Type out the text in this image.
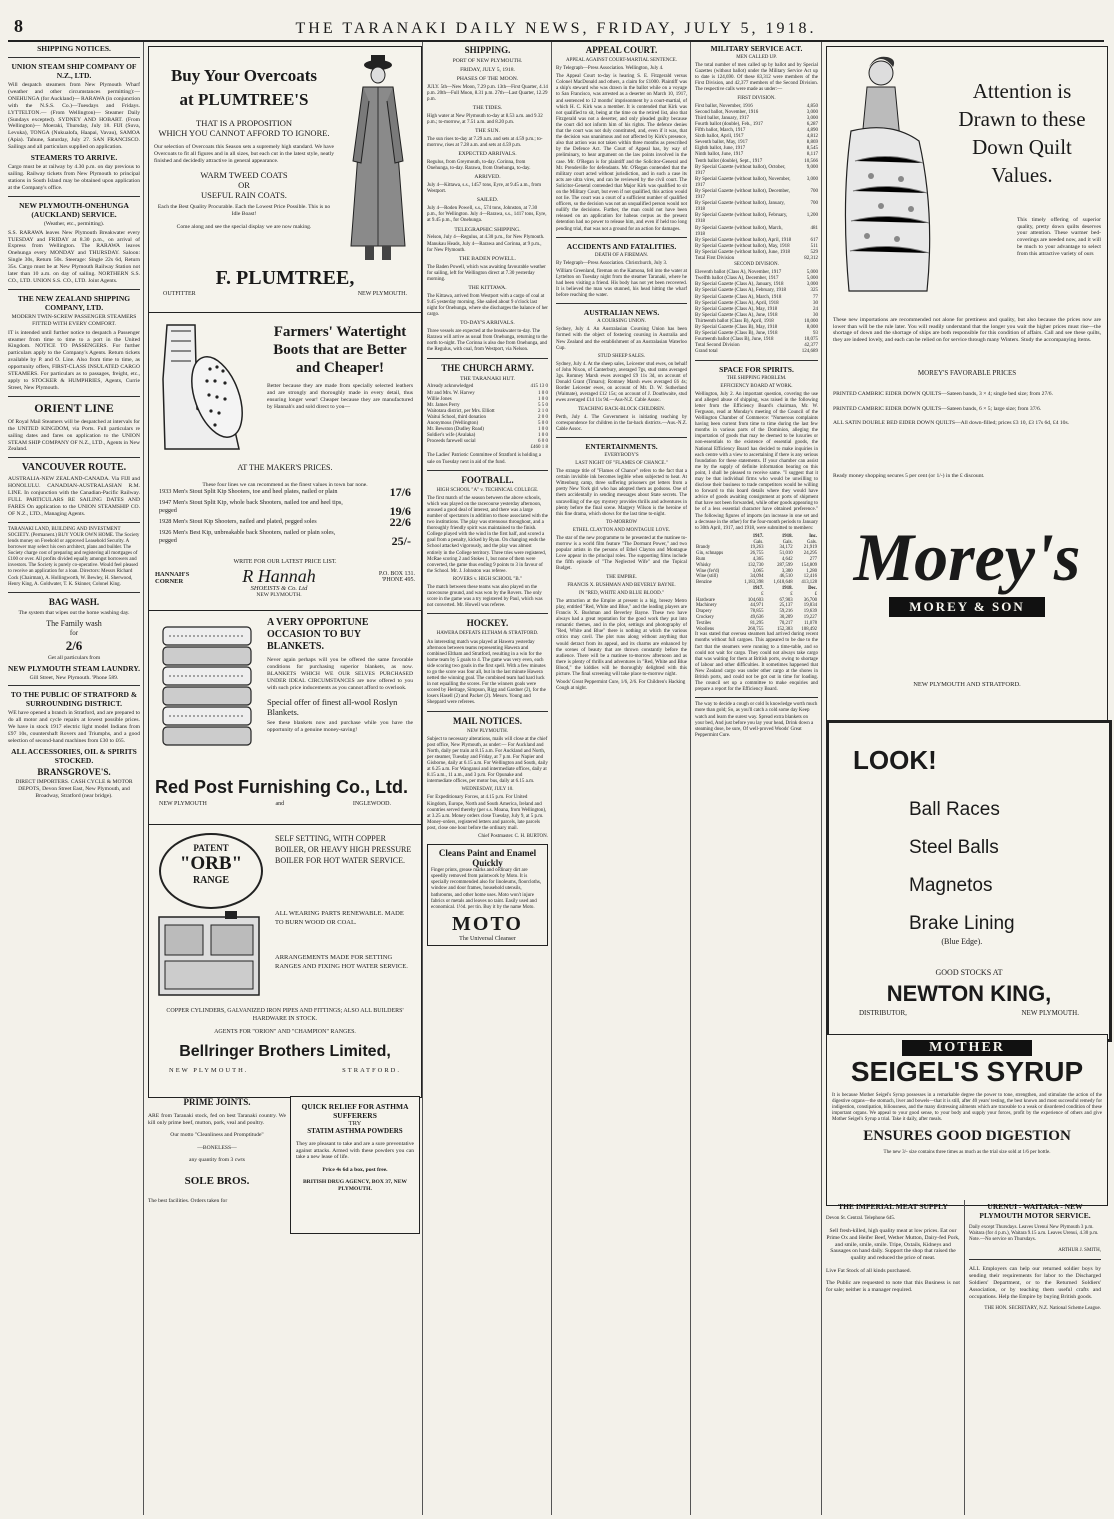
8	THE TARANAKI DAILY NEWS, FRIDAY, JULY 5, 1918.
SHIPPING NOTICES.
UNION STEAM SHIP COMPANY OF N.Z., LTD.

Will despatch steamers from New Plymouth Wharf (weather and other circumstances permitting):— ONEHUNGA (for Auckland)— RARAWA (in conjunction with the N.S.S. Co.)—Tuesdays and Fridays. LYTTELTON.— (From Wellington)— Steamer Daily (Sundays excepted). SYDNEY AND HOBART. (From Wellington)— Moeraki, Thursday, July 18. FIJI (Suva, Levuka), TONGA (Nukualofa, Haapai, Vavau), SAMOA (Apia). Tahune, Saturday, July 27. SAN FRANCISCO. Sailings and all particulars supplied on application.

STEAMERS TO ARRIVE.

Cargo must be at railway by 4.30 p.m. on day previous to sailing. Railway tickets from New Plymouth to principal stations in South Island may be obtained upon application at the Company's office.

NEW PLYMOUTH-ONEHUNGA (AUCKLAND) SERVICE.

(Weather, etc., permitting).

S.S. RARAWA leaves New Plymouth Breakwater every TUESDAY and FRIDAY at 8.30 p.m., on arrival of Express from Wellington. The RARAWA leaves Onehunga every MONDAY and THURSDAY. Saloon: Single 30s, Return 50s. Steerage: Single 22s 6d, Return 35s. Cargo must be at New Plymouth Railway Station not later than 10 a.m. on day of sailing. NORTHERN S.S. CO., LTD. UNION S.S. CO., LTD. Joint Agents.

THE NEW ZEALAND SHIPPING COMPANY, LTD.

MODERN TWIN-SCREW PASSENGER STEAMERS FITTED WITH EVERY COMFORT.

IT is intended until further notice to despatch a Passenger steamer from time to time to a port in the United Kingdom. NOTICE TO PASSENGERS. For further particulars apply to the Company's Agents. Return tickets available by P. and O. Line. Also from time to time, as opportunity offers, FIRST-CLASS INSULATED CARGO STEAMERS. For particulars as to passages, freight, etc., apply to STOCKER & HUMPHRIES, Agents, Currie Street, New Plymouth.

ORIENT LINE

Of Royal Mail Steamers will be despatched at intervals for the UNITED KINGDOM, via Ports. Full particulars re sailing dates and fares on application to the UNION STEAM SHIP COMPANY OF N.Z., LTD., Agents in New Zealand.

VANCOUVER ROUTE.

AUSTRALIA-NEW ZEALAND-CANADA. Via FIJI and HONOLULU. CANADIAN-AUSTRALASIAN R.M. LINE. In conjunction with the Canadian-Pacific Railway. FULL PARTICULARS RE SAILING DATES AND FARES On application to the UNION STEAMSHIP CO. OF N.Z., LTD., Managing Agents.

TARANAKI LAND, BUILDING AND INVESTMENT SOCIETY. (Permanent.) BUY YOUR OWN HOME. The Society lends money on Freehold or approved Leasehold Security. A borrower may select his own architect, plans and builder. The Society charge cost of preparing and registering all mortgages of £100 or over. All profits divided equally amongst borrowers and investors. The Society is purely co-operative. Would feel pleased to receive an application for a loan. Directors: Messrs Richard Cock (Chairman), A. Hollingworth, W. Bewley, H. Sherwood, Henry King, A. Goldwater, T. K. Skinner, Colonel King.

BAG WASH.

The system that wipes out the home washing day.

The Family wash

for

2/6

Get all particulars from

NEW PLYMOUTH STEAM LAUNDRY.

Gill Street, New Plymouth. 'Phone 589.

TO THE PUBLIC OF STRATFORD & SURROUNDING DISTRICT.

WE have opened a branch in Stratford, and are prepared to do all motor and cycle repairs at lowest possible prices. We have in stock 1917 electric light model Indians from £97 10s, countershaft Rovers and Triumphs, and a good selection of second-hand machines from £30 to £65.

ALL ACCESSORIES, OIL & SPIRITS STOCKED.

BRANSGROVE'S.

DIRECT IMPORTERS. CASH CYCLE & MOTOR DEPOTS, Devon Street East, New Plymouth, and Broadway, Stratford (near bridge).

Buy Your Overcoats
at PLUMTREE'S
THAT IS A PROPOSITION
WHICH YOU CANNOT AFFORD TO IGNORE.

Our selection of Overcoats this Season sets a supremely high standard. We have Overcoats to fit all figures and in all sizes, but each cut in the latest style, neatly finished and decidedly attractive in general appearance.

WARM TWEED COATS
OR
USEFUL RAIN COATS.

Each the Best Quality Procurable. Each the Lowest Price Possible. This is no Idle Boast!

Come along and see the special display we are now making.

F. PLUMTREE,
OUTFITTER	NEW PLYMOUTH.
Farmers' Watertight Boots that are Better and Cheaper!

Better because they are made from specially selected leathers and are strongly and thoroughly made in every detail, thus ensuring longer wear! Cheaper because they are manufactured by Hannah's and sold direct to you—

AT THE MAKER'S PRICES.

These four lines we can recommend as the finest values in town bar none.

1933 Men's Stout Split Kip Shooters, toe and heel plates, nailed or plain	17/6
1947 Men's Stout Split Kip, whole back Shooters, nailed toe and heel tips, pegged	19/6
1928 Men's Stout Kip Shooters, nailed and plated, pegged soles	22/6
1926 Men's Best Kip, unbreakable back Shooters, nailed or plain soles, pegged	25/-
WRITE FOR OUR LATEST PRICE LIST.
HANNAH'S CORNER	R Hannah
SHOEISTS & Co. Ltd
NEW PLYMOUTH.
P.O. BOX 131.
'PHONE 495.
A VERY OPPORTUNE OCCASION TO BUY BLANKETS.

Never again perhaps will you be offered the same favorable conditions for purchasing superior blankets, as now. BLANKETS WHICH WE OUR SELVES PURCHASED UNDER IDEAL CIRCUMSTANCES are now offered to you with such price inducements as you cannot afford to overlook.

Special offer of finest all-wool Roslyn Blankets.

See these blankets now and purchase while you have the opportunity of a genuine money-saving!

Red Post Furnishing Co., Ltd.
NEW PLYMOUTH	and	INGLEWOOD.
PATENT
"ORB"
RANGE
SELF SETTING, WITH COPPER BOILER, OR HEAVY HIGH PRESSURE BOILER FOR HOT WATER SERVICE.
ALL WEARING PARTS RENEWABLE. MADE TO BURN WOOD OR COAL.
ARRANGEMENTS MADE FOR SETTING RANGES AND FIXING HOT WATER SERVICE.
COPPER CYLINDERS, GALVANIZED IRON PIPES AND FITTINGS; ALSO ALL BUILDERS' HARDWARE IN STOCK.
AGENTS FOR "ORION" AND "CHAMPION" RANGES.
Bellringer Brothers Limited,
NEW PLYMOUTH.	STRATFORD.
PRIME JOINTS.

ARE from Taranaki stock, fed on best Taranaki country. We kill only prime beef, mutton, pork, veal and poultry.

Our motto "Cleanliness and Promptitude"

—BONELESS—

any quantity from 3 cwts

SOLE BROS.

The best facilities. Orders taken for

QUICK RELIEF FOR ASTHMA SUFFERERS
TRY
STATIM ASTHMA POWDERS

They are pleasant to take and are a sure preventative against attacks. Armed with these powders you can take a new lease of life.

Price 4s 6d a box, post free.

BRITISH DRUG AGENCY, BOX 37, NEW PLYMOUTH.

SHIPPING.

PORT OF NEW PLYMOUTH.

FRIDAY, JULY 5, 1918.

PHASES OF THE MOON.

JULY. 5th—New Moon, 7.29 p.m. 13th—First Quarter, 4.14 p.m. 20th—Full Moon, 8.31 p.m. 27th—Last Quarter, 12.29 p.m.

THE TIDES.

High water at New Plymouth to-day at 8.53 a.m. and 9.32 p.m.; to-morrow, at 7.51 a.m. and 8.20 p.m.

THE SUN.

The sun rises to-day at 7.29 a.m. and sets at 4.59 p.m.; to-morrow, rises at 7.28 a.m. and sets at 4.59 p.m.

EXPECTED ARRIVALS.

Regulus, from Greymouth, to-day. Corinna, from Onehunga, to-day. Rarawa, from Onehunga, to-day.

ARRIVED.

July 4—Kittawa, s.s., 1457 tons, Eyre, at 9.45 a.m., from Westport.

SAILED.

July 4—Roden Powell, s.s., 574 tons, Johnston, at 7.30 p.m., for Wellington. July 4—Rarawa, s.s., 1417 tons, Eyre, at 9.45 p.m., for Onehunga.

TELEGRAPHIC SHIPPING.

Nelson, July 4—Regulus, at 4.30 p.m., for New Plymouth. Manukau Heads, July 4—Rarawa and Corinna, at 9 p.m., for New Plymouth.

THE BADEN POWELL.

The Baden Powell, which was awaiting favourable weather for sailing, left for Wellington direct at 7.30 yesterday morning.

THE KITTAWA.

The Kittawa, arrived from Westport with a cargo of coal at 9.45 yesterday morning. She sailed about 9 o'clock last night for Onehunga, where she discharges the balance of her cargo.

TO-DAY'S ARRIVALS.

Three vessels are expected at the breakwater to-day. The Rarawa will arrive as usual from Onehunga, returning to the north to-night. The Corinna is also due from Onehunga, and the Regulus, with coal, from Westport, via Nelson.

THE CHURCH ARMY.

THE TARANAKI HUT.

Already acknowledged	415 13 0
Mr and Mrs. W. Harvey	1 0 0
Willie Jones	1 0 0
Mr. James Perry	5 5 0
Waitotara district, per Mrs. Elliott	2 1 0
Waitui School, third donation	2 0 0
Anonymous (Wellington)	5 0 0
Mr. Bewston (Dudley Road)	1 0 0
Soldier's wife (Avalaka)	1 0 0
Proceeds farewell social	6 0 0

£460 1 8

The Ladies' Patriotic Committee of Stratford is holding a sale on Tuesday next in aid of the fund.

FOOTBALL.

HIGH SCHOOL "A" v. TECHNICAL COLLEGE.

The first match of the season between the above schools, which was played on the racecourse yesterday afternoon, aroused a good deal of interest, and there was a large number of spectators in addition to those associated with the two institutions. The play was strenuous throughout, and a thoroughly friendly spirit was maintained to the finish. College played with the wind in the first half, and scored a goal from a penalty, kicked by Ryan. On changing ends the School attacked vigorously, and the play was almost entirely in the College territory. Three tries were registered, McRae scoring 2 and Stokes 1, but none of them were converted, the game thus ending 9 points to 3 in favour of the School. Mr. J. Johnston was referee.

ROVERS v. HIGH SCHOOL "B."

The match between these teams was also played on the racecourse ground, and was won by the Rovers. The only score in the game was a try registered by Paul, which was not converted. Mr. Howell was referee.

HOCKEY.

HAWERA DEFEATS ELTHAM & STRATFORD.

An interesting match was played at Hawera yesterday afternoon between teams representing Hawera and combined Eltham and Stratford, resulting in a win for the home team by 5 goals to 4. The game was very even, each side scoring two goals in the first spell. With a few minutes to go the score was four all, but in the last minute Hawera netted the winning goal. The combined team had hard luck in not equalling the scores. For the winners goals were scored by Heritage, Simpson, Rigg and Gardner (2), for the losers Hasell (2) and Packer (2). Messrs. Young and Sheppard were referees.

MAIL NOTICES.

NEW PLYMOUTH.

Subject to necessary alterations, mails will close at the chief post office, New Plymouth, as under:— For Auckland and North, daily per train at 8.15 a.m. For Auckland and North, per steamer, Tuesday and Friday, at 7 p.m. For Napier and Gisborne, daily at 6.15 a.m. For Wellington and South, daily at 6.25 a.m. For Wanganui and intermediate offices, daily at 8.15 a.m., 11 a.m., and 3 p.m. For Opunake and intermediate offices, per motor bus, daily at 6.15 a.m.

WEDNESDAY, JULY 10.

For Expeditionary Forces, at 4.15 p.m. For United Kingdom, Europe, North and South America, Ireland and countries served thereby (per s.s. Moana, from Wellington), at 3.25 a.m. Money orders close Tuesday, July 9, at 5 p.m. Money-orders, registered letters and parcels, late parcels post, close one hour before the ordinary mail.

Chief Postmaster. C. H. BURTON.

Cleans Paint and Enamel Quickly

Finger prints, grease marks and ordinary dirt are speedily removed from paintwork by Moto. It is specially recommended also for linoleums, floorcloths, window and door frames, household utensils, bathrooms, and other home uses. Moto won't injure fabrics or metals and leaves no taint. Easily used and economical. 1½d. per tin. Buy it by the name Moto.

MOTO
The Universal Cleanser
APPEAL COURT.

APPEAL AGAINST COURT-MARTIAL SENTENCE.

By Telegraph—Press Association. Wellington, July 4.

The Appeal Court to-day is hearing S. E. Fitzgerald versus Colonel MacDonald and others, a claim for £1000. Plaintiff was a ship's steward who was drawn in the ballot while on a voyage to San Francisco, was arrested as a deserter on March 10, 1917, and sentenced to 12 months' imprisonment by a court-martial, of which H. C. Kirk was a member. It is contended that Kirk was not qualified to sit, being at the time on the retired list, also that Fitzgerald was not a deserter, and only pleaded guilty because the court did not inform him of his rights. The defence denies that the court was not duly constituted, and, even if it was, that the decision was unanimous and not affected by Kirk's presence, also that action was not taken within three months as prescribed by the Defence Act. The Court of Appeal has, by way of preliminary, to hear argument on the law points involved in the case. Mr. O'Regan is for plaintiff and the Solicitor-General and Mr. Prendeville for defendants. Mr. O'Regan contended that the military court acted without jurisdiction, and in such a case its acts are ultra vires, and can be reviewed by the civil court. The Solicitor-General contended that Major Kirk was qualified to sit on the Military Court, but even if not qualified, this action would not lie. The court was a court of a sufficient number of qualified officers, so the decision was not an unqualified person would not nullify the decisions. Further, the man could not have been released on an application for habeas corpus as the present detention had no power to release him, and even if held too long pending trial, that was not a ground for an action for damages.

ACCIDENTS AND FATALITIES.

DEATH OF A FIREMAN.

By Telegraph—Press Association. Christchurch, July 3.

William Greenland, fireman on the Kamona, fell into the water at Lyttelton on Tuesday night from the steamer Taranaki, where he had been visiting a friend. His body has not yet been recovered. It is believed the man was stunned, his head hitting the wharf before reaching the water.

AUSTRALIAN NEWS.

A COURSING UNION.

Sydney, July 4. An Australasian Coursing Union has been formed with the object of fostering coursing in Australia and New Zealand and the establishment of an Australasian Waterloo Cup.

STUD SHEEP SALES.

Sydney, July 4. At the sheep sales, Leicester stud ewes, on behalf of John Nixon, of Canterbury, averaged 7gs, stud rams averaged 3gs. Romney Marsh ewes averaged £9 11s 3d, on account of Donald Grant (Timaru); Romney Marsh ewes averaged £6 4s; Border Leicester ewes, on account of Mr. D. W. Sutherland (Waimate), averaged £12 15s; on account of J. Douthwaite, stud ewes averaged £14 11s 9d.—Aus-N.Z. Cable Assoc.

TEACHING BACK-BLOCK CHILDREN.

Perth, July 4. The Government is initiating teaching by correspondence for children in the far-back districts.—Aus.-N.Z. Cable Assoc.

ENTERTAINMENTS.

EVERYBODY'S

LAST NIGHT OF "FLAMES OF CHANCE."

The strange title of "Flames of Chance" refers to the fact that a certain invisible ink becomes legible when subjected to heat. At Wittenburg camp, three suffering prisoners get letters from a pretty New York girl who has adopted them as godsons. One of them accidentally in sending messages about State secrets. The unravelling of the spy mystery provides thrills and adventures in plenty before the final scene. Margery Wilson is the heroine of this fine drama, which shows for the last time to-night.

TO-MORROW

ETHEL CLAYTON AND MONTAGUE LOVE.

The star of the new programme to be presented at the matinee to-morrow is a world film feature "The Dormant Power," and two popular artists in the persons of Ethel Clayton and Montague Love appear in the principal roles. The supporting films include the fifth episode of "The Neglected Wife" and the Topical Budget.

THE EMPIRE.

FRANCIS X. BUSHMAN AND BEVERLY BAYNE.

IN "RED, WHITE AND BLUE BLOOD."

The attraction at the Empire at present is a big, breezy Metro play, entitled "Red, White and Blue," and the leading players are Francis X. Bushman and Beverley Bayne. These two have always had a great reputation for the good work they put into romantic themes, and in the plot, settings and photography of "Red, White and Blue" there is nothing at which the various critics may cavil. The plot runs along without anything that would detract from its appeal, and its charms are enhanced by the scenes of beauty that are thrown constantly before the audience. There will be a matinee to-morrow afternoon and as there is plenty of thrills and adventures in "Red, White and Blue Blood," the kiddies will be thoroughly delighted with this picture. The final screening will take place to-morrow night.

Woods' Great Peppermint Cure, 1/6, 2/6. For Children's Hacking Cough at night.

MILITARY SERVICE ACT.

MEN CALLED UP.

The total number of men called up by ballot and by Special Gazettes (without ballot) under the Military Service Act up to date is 124,690. Of these 83,312 were members of the First Division, and 42,377 members of the Second Division. The respective calls were made as under:—

FIRST DIVISION.

First ballot, November, 1916	4,850
Second ballot, November, 1916	3,000
Third ballot, January, 1917	3,000
Fourth ballot (double), Feb., 1917	6,287
Fifth ballot, March, 1917	4,890
Sixth ballot, April, 1917	4,812
Seventh ballot, May, 1917	8,869
Eighth ballot, June, 1917	8,545
Ninth ballot, June, 1917	8,117
Tenth ballot (double), Sept., 1917	10,566
By Special Gazette (without ballot), October, 1917
9,000
By Special Gazette (without ballot), November, 1917
3,000
By Special Gazette (without ballot), December, 1917
700
By Special Gazette (without ballot), January, 1918
700
By Special Gazette (without ballot), February, 1918
1,200
By Special Gazette (without ballot), March, 1918
481
By Special Gazette (without ballot), April, 1918	617
By Special Gazette (without ballot), May, 1918	511
By Special Gazette (without ballot), June, 1918	529
Total First Division	82,312

SECOND DIVISION.

Eleventh ballot (Class A), November, 1917	5,000
Twelfth ballot (Class A), December, 1917	5,000
By Special Gazette (Class A), January, 1918	3,000
By Special Gazette (Class A), February, 1918	325
By Special Gazette (Class A), March, 1918	77
By Special Gazette (Class A), April, 1918	30
By Special Gazette (Class A), May, 1918	24
By Special Gazette (Class A), June, 1918	30
Thirteenth ballot (Class B), April, 1918	10,000
By Special Gazette (Class B), May, 1918	8,000
By Special Gazette (Class B), June, 1918	93
Fourteenth ballot (Class B), June, 1918	10,075
Total Second Division	42,377
Grand total	124,689
SPACE FOR SPIRITS.

THE SHIPPING PROBLEM.

EFFICIENCY BOARD AT WORK.

Wellington, July 2. An important question, covering the use and alleged abuse of shipping, was raised in the following letter from the Efficiency Board's chairman, Mr. W. Ferguson, read at Monday's meeting of the Council of the Wellington Chamber of Commerce: "Numerous complaints having been current from time to time during the last few months in various parts of the Dominion, alleging the importation of goods that may be deemed to be luxuries or non-essentials to the existence of essential goods, the National Efficiency Board has decided to make inquiries in each centre with a view to ascertaining if there is any serious foundation for these statements. If your chamber can assist me by the supply of definite information bearing on this point, I shall be pleased to receive same. "I suggest that it may be that individual firms who would be unwilling to disclose their business to trade competitors would be willing to forward to this board details where they would have advice of goods awaiting consignment at ports of shipment that have not been forwarded, while other goods appearing to be of a less essential character have obtained preference." The following figures of imports (an increase in one set and a decrease in the other) for the four-month periods to January to 30th April, 1917, and 1918, were submitted to members:

	1917.	1918.	Inc.
	Gals.	Gals.	Gals.
Brandy	19,263	34,172	21,919
Gin, schnapps	26,755	51,010	24,295
Rum	4,365	4,642	277
Whisky	132,730	287,599	154,809
Wine (fer'd)	3,065	3,300	1,280
Wine (still)	34,094	46,510	12,416
Benzine	1,183,398	1,618,648	413,128
	1917.	1918.	Dec.
	£	£	£
Hardware	104,603	67,903	36,700
Machinery	44,971	25,137	19,834
Drapery	78,855	59,216	19,639
Crockery	49,636	30,209	19,227
Textiles	81,295	70,217	11,078
Woollens	260,755	152,383	108,492

It was stated that oversea steamers had arrived during recent months without full cargoes. This appeared to be due to the fact that the steamers were running to a time-table, and so could not wait for cargo. They could not always take cargo that was waiting for them at British ports, owing to shortage of labour and other difficulties. It sometimes happened that New Zealand cargo was under other cargo at the shores in British ports, and could not be got out in time for loading. The council set up a committee to make enquiries and prepare a report for the Efficiency Board.

The way to decide a cough or cold Is knowledge worth much more than gold; So, as you'll catch a cold some day Keep watch and learn the surest way. Spread extra blankets on your bed, And just before you lay your head, Drink down a steaming dose, be sure, Of well-proved Woods' Great Peppermint Cure.

Attention is Drawn to these Down Quilt Values.

This timely offering of superior quality, pretty down quilts deserves your attention. These warmer bed-coverings are needed now, and it will be much to your advantage to select from this attractive variety of ours

These new importations are recommended not alone for prettiness and quality, but also because the prices now are lower than will be the rule later. You will readily understand that the longer you wait the higher prices must rise—the shortage of down and the shortage of ships are both responsible for this condition of affairs. Call and see these quilts, they are indeed lovely, and each can be relied on for service through many Winters. Study the accompanying items.

MOREY'S FAVORABLE PRICES

PRINTED CAMBRIC EIDER DOWN QUILTS—Sateen bands, 3 × 4; single bed size; from 27/6.

PRINTED CAMBRIC EIDER DOWN QUILTS—Sateen bands, 6 × 5; large size; from 37/6.

ALL SATIN DOUBLE BED EIDER DOWN QUILTS—All down-filled; prices £3 10, £3 17s 6d, £4 10s.

Ready money shopping secures 5 per cent (or 1/-) in the £ discount.

Morey's
MOREY & SON
NEW PLYMOUTH AND STRATFORD.
LOOK!
Ball Races
Steel Balls
Magnetos
Brake Lining
(Blue Edge).
GOOD STOCKS AT
NEWTON KING,
DISTRIBUTOR,	NEW PLYMOUTH.
MOTHER
SEIGEL'S SYRUP

It is because Mother Seigel's Syrup possesses in a remarkable degree the power to tone, strengthen, and stimulate the action of the digestive organs—the stomach, liver and bowels—that it is still, after 40 years' testing, the best known and most successful remedy for indigestion, constipation, biliousness, and the many distressing ailments which are traceable to a weak or disordered condition of these important organs. We appeal to your good sense, to your body and supply your forces, profit by the experience of others and give Mother Seigel's Syrup a trial. Take it daily, after meals.

ENSURES GOOD DIGESTION

The new 3/- size contains three times as much as the trial size sold at 1/6 per bottle.

THE IMPERIAL MEAT SUPPLY

Devon St. Central. Telephone 645.

Sell fresh-killed, high quality meat at low prices. Eat our Prime Ox and Heifer Beef, Wether Mutton, Dairy-fed Pork, and smile, smile, smile. Tripe, Oxtails, Kidneys and Sausages on hand daily. Support the shop that raised the quality and reduced the price of meat.

Live Fat Stock of all kinds purchased.

The Public are requested to note that this Business is not for sale; neither is a manager required.

URENUI - WAITARA - NEW PLYMOUTH MOTOR SERVICE.

Daily except Thursdays. Leaves Urenui New Plymouth 3 p.m. Waitara (for 4 p.m.), Waitara 9.15 a.m. Leaves Urenui, 4.30 p.m. Note.—No service on Thursdays.

ARTHUR J. SMITH,

ALL Employers can help our returned soldier boys by sending their requirements for labor to the Discharged Soldiers' Department, or to the Returned Soldiers' Association, or by teaching them useful crafts and occupations. Help the Empire by buying British goods.

THE HON. SECRETARY, N.Z. National Scheme League.
